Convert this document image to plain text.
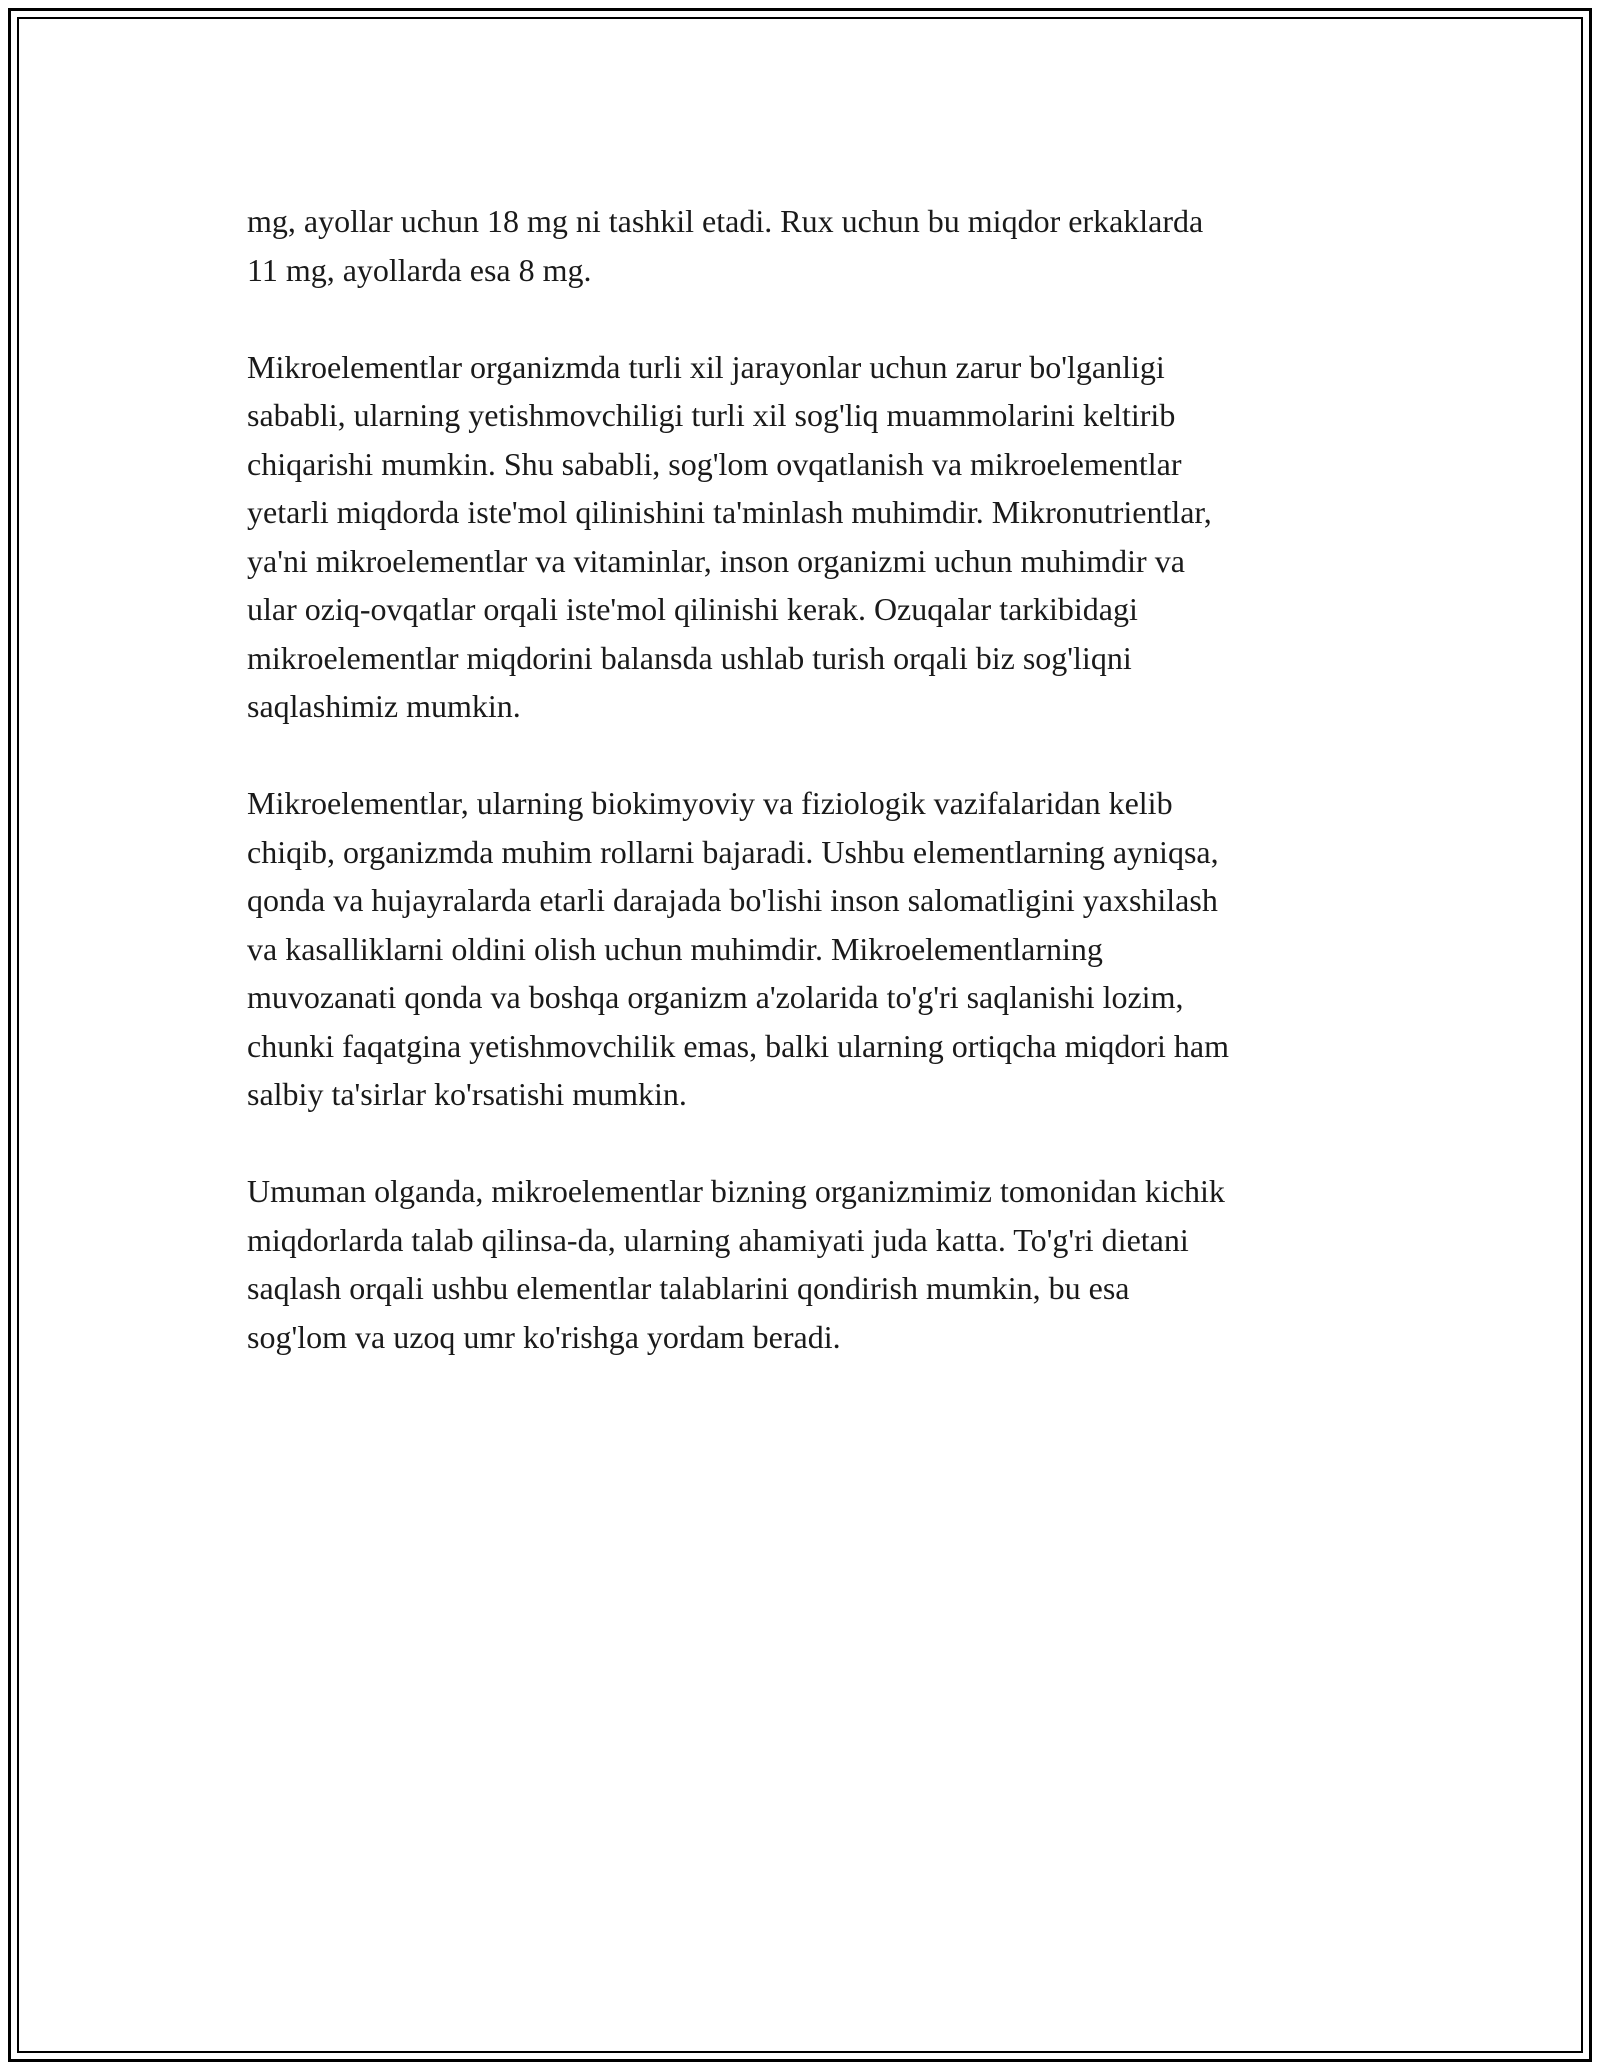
mg, ayollar uchun 18 mg ni tashkil etadi. Rux uchun bu miqdor erkaklarda
11 mg, ayollarda esa 8 mg.

Mikroelementlar organizmda turli xil jarayonlar uchun zarur bo'lganligi
sababli, ularning yetishmovchiligi turli xil sog'liq muammolarini keltirib
chiqarishi mumkin. Shu sababli, sog'lom ovqatlanish va mikroelementlar
yetarli miqdorda iste'mol qilinishini ta'minlash muhimdir. Mikronutrientlar,
ya'ni mikroelementlar va vitaminlar, inson organizmi uchun muhimdir va
ular oziq-ovqatlar orqali iste'mol qilinishi kerak. Ozuqalar tarkibidagi
mikroelementlar miqdorini balansda ushlab turish orqali biz sog'liqni
saqlashimiz mumkin.

Mikroelementlar, ularning biokimyoviy va fiziologik vazifalaridan kelib
chiqib, organizmda muhim rollarni bajaradi. Ushbu elementlarning ayniqsa,
qonda va hujayralarda etarli darajada bo'lishi inson salomatligini yaxshilash
va kasalliklarni oldini olish uchun muhimdir. Mikroelementlarning
muvozanati qonda va boshqa organizm a'zolarida to'g'ri saqlanishi lozim,
chunki faqatgina yetishmovchilik emas, balki ularning ortiqcha miqdori ham
salbiy ta'sirlar ko'rsatishi mumkin.

Umuman olganda, mikroelementlar bizning organizmimiz tomonidan kichik
miqdorlarda talab qilinsa-da, ularning ahamiyati juda katta. To'g'ri dietani
saqlash orqali ushbu elementlar talablarini qondirish mumkin, bu esa
sog'lom va uzoq umr ko'rishga yordam beradi.
